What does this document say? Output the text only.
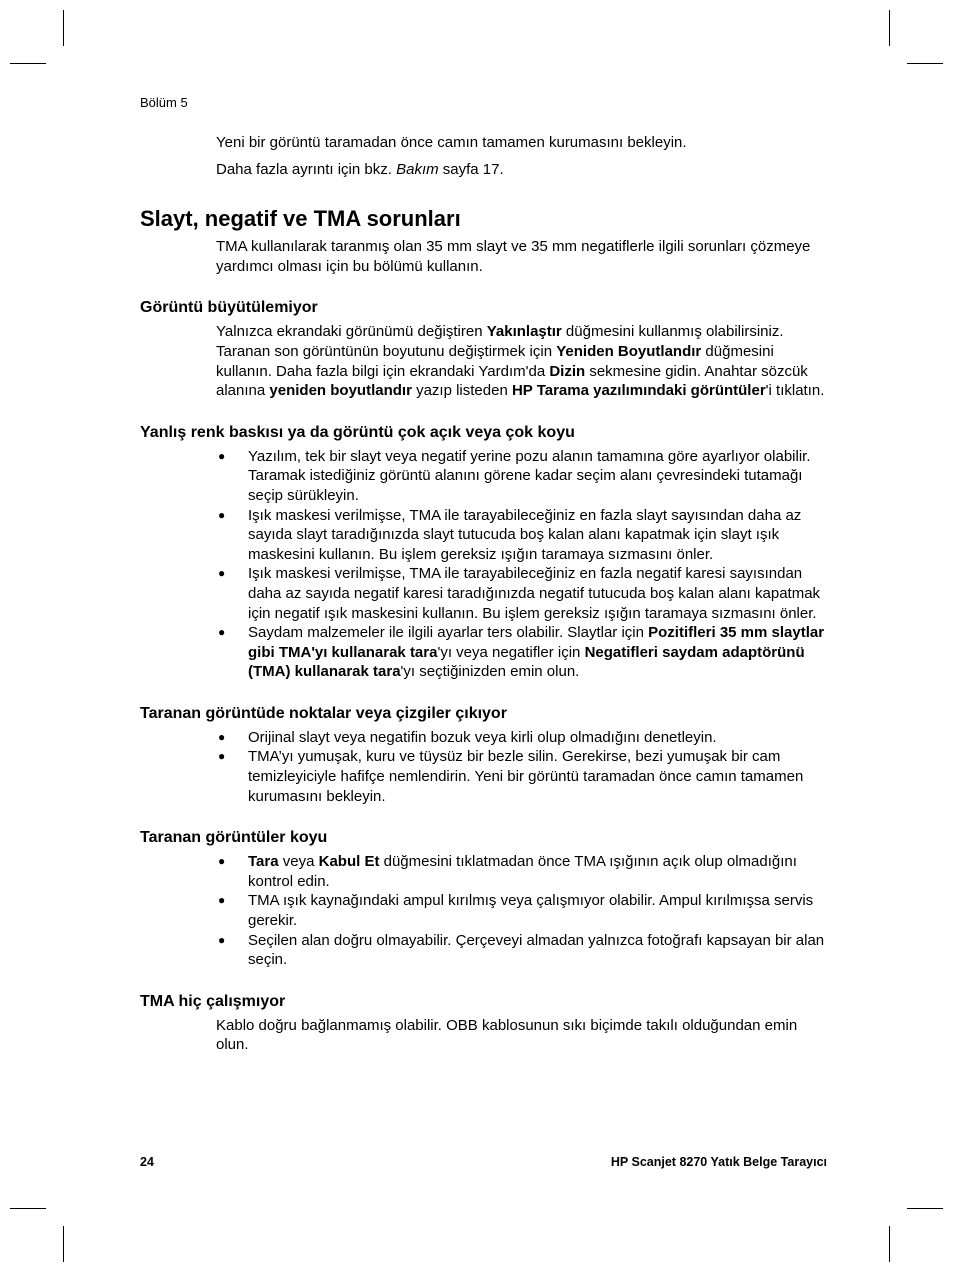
Bölüm 5

Yeni bir görüntü taramadan önce camın tamamen kurumasını bekleyin.

Daha fazla ayrıntı için bkz. Bakım sayfa 17.

Slayt, negatif ve TMA sorunları

TMA kullanılarak taranmış olan 35 mm slayt ve 35 mm negatiflerle ilgili sorunları çözmeye yardımcı olması için bu bölümü kullanın.

Görüntü büyütülemiyor

Yalnızca ekrandaki görünümü değiştiren Yakınlaştır düğmesini kullanmış olabilirsiniz. Taranan son görüntünün boyutunu değiştirmek için Yeniden Boyutlandır düğmesini kullanın. Daha fazla bilgi için ekrandaki Yardım'da Dizin sekmesine gidin. Anahtar sözcük alanına yeniden boyutlandır yazıp listeden HP Tarama yazılımındaki görüntüler'i tıklatın.

Yanlış renk baskısı ya da görüntü çok açık veya çok koyu
● Yazılım, tek bir slayt veya negatif yerine pozu alanın tamamına göre ayarlıyor olabilir. Taramak istediğiniz görüntü alanını görene kadar seçim alanı çevresindeki tutamağı seçip sürükleyin.
● Işık maskesi verilmişse, TMA ile tarayabileceğiniz en fazla slayt sayısından daha az sayıda slayt taradığınızda slayt tutucuda boş kalan alanı kapatmak için slayt ışık maskesini kullanın. Bu işlem gereksiz ışığın taramaya sızmasını önler.
● Işık maskesi verilmişse, TMA ile tarayabileceğiniz en fazla negatif karesi sayısından daha az sayıda negatif karesi taradığınızda negatif tutucuda boş kalan alanı kapatmak için negatif ışık maskesini kullanın. Bu işlem gereksiz ışığın taramaya sızmasını önler.
● Saydam malzemeler ile ilgili ayarlar ters olabilir. Slaytlar için Pozitifleri 35 mm slaytlar gibi TMA'yı kullanarak tara'yı veya negatifler için Negatifleri saydam adaptörünü (TMA) kullanarak tara'yı seçtiğinizden emin olun.
Taranan görüntüde noktalar veya çizgiler çıkıyor
● Orijinal slayt veya negatifin bozuk veya kirli olup olmadığını denetleyin.
● TMA’yı yumuşak, kuru ve tüysüz bir bezle silin. Gerekirse, bezi yumuşak bir cam temizleyiciyle hafifçe nemlendirin. Yeni bir görüntü taramadan önce camın tamamen kurumasını bekleyin.
Taranan görüntüler koyu
● Tara veya Kabul Et düğmesini tıklatmadan önce TMA ışığının açık olup olmadığını kontrol edin.
● TMA ışık kaynağındaki ampul kırılmış veya çalışmıyor olabilir. Ampul kırılmışsa servis gerekir.
● Seçilen alan doğru olmayabilir. Çerçeveyi almadan yalnızca fotoğrafı kapsayan bir alan seçin.
TMA hiç çalışmıyor

Kablo doğru bağlanmamış olabilir. OBB kablosunun sıkı biçimde takılı olduğundan emin olun.

24	HP Scanjet 8270 Yatık Belge Tarayıcı
